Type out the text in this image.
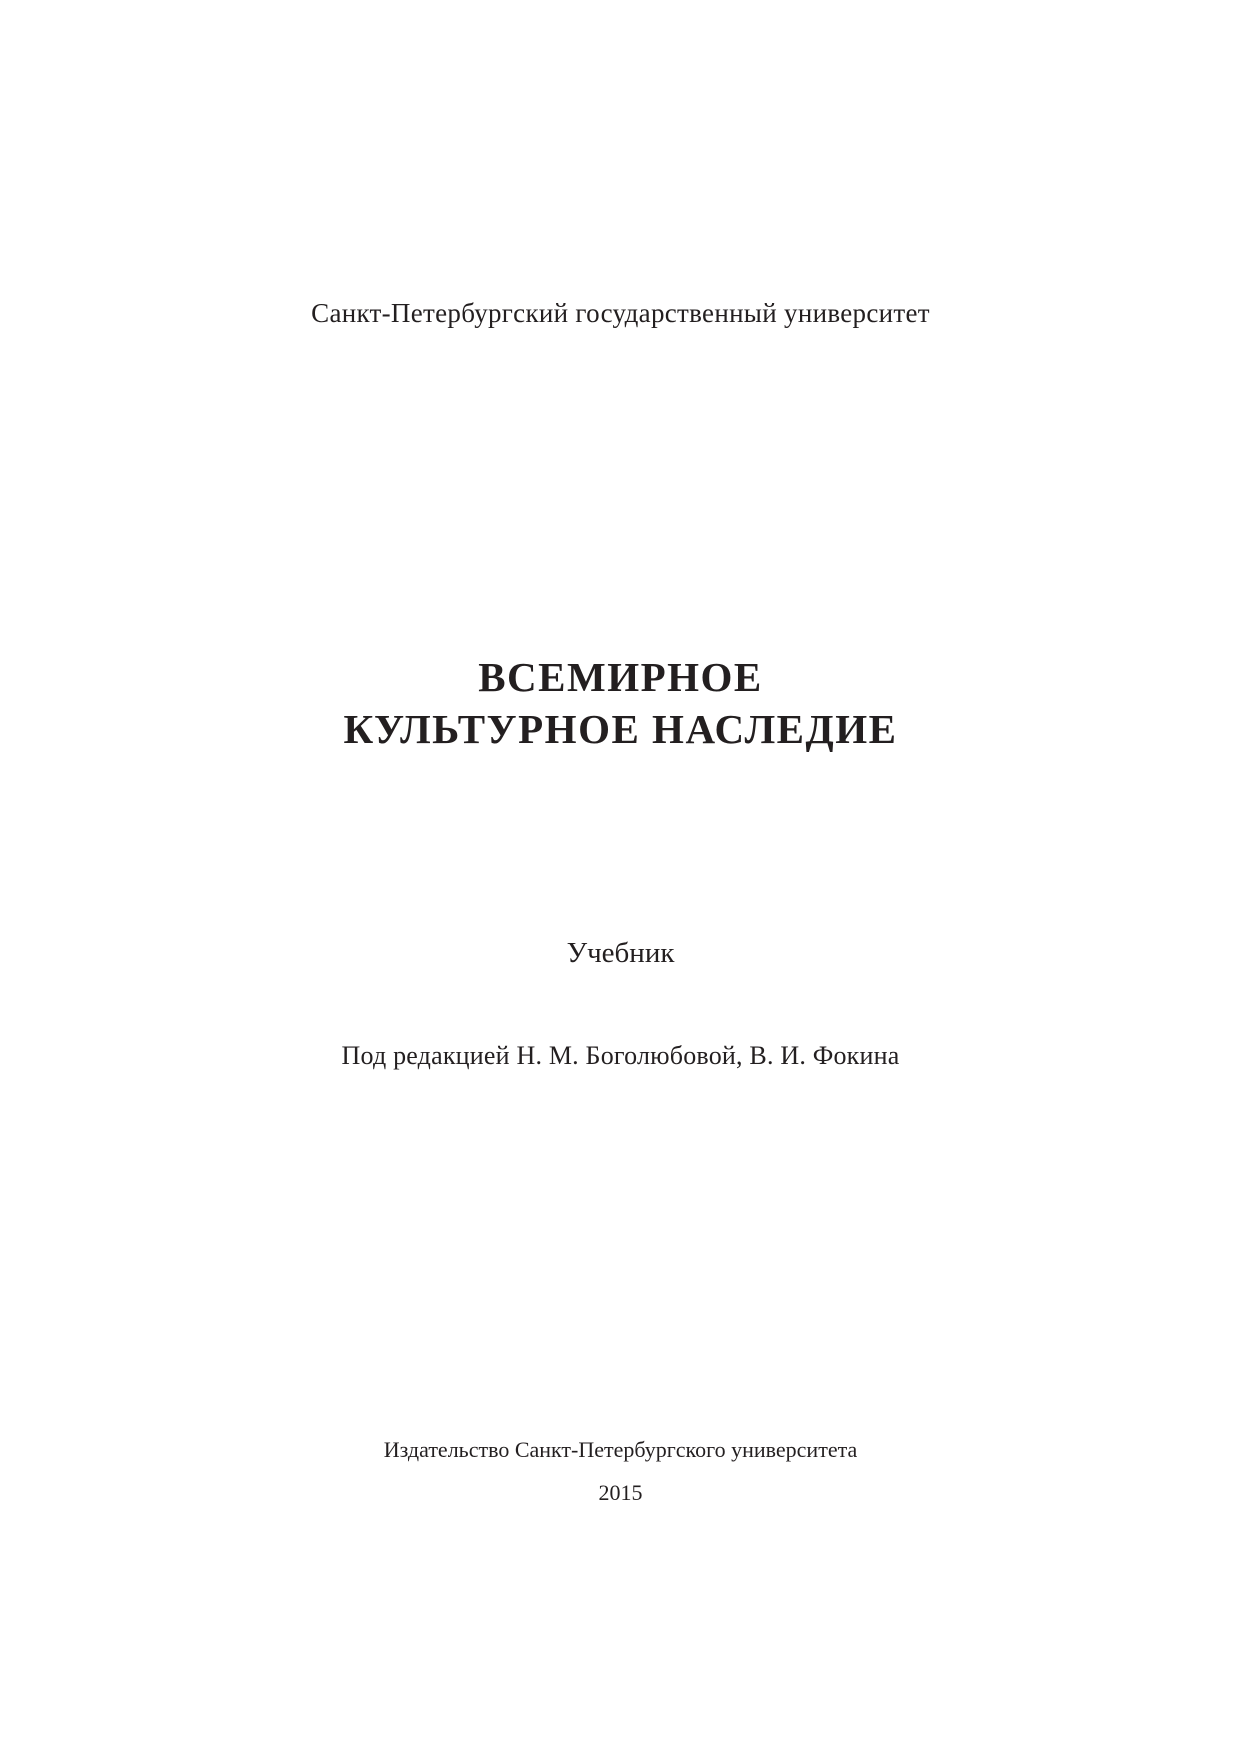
Санкт-Петербургский государственный университет
ВСЕМИРНОЕ
КУЛЬТУРНОЕ НАСЛЕДИЕ
Учебник
Под редакцией Н. М. Боголюбовой, В. И. Фокина
Издательство Санкт-Петербургского университета
2015
